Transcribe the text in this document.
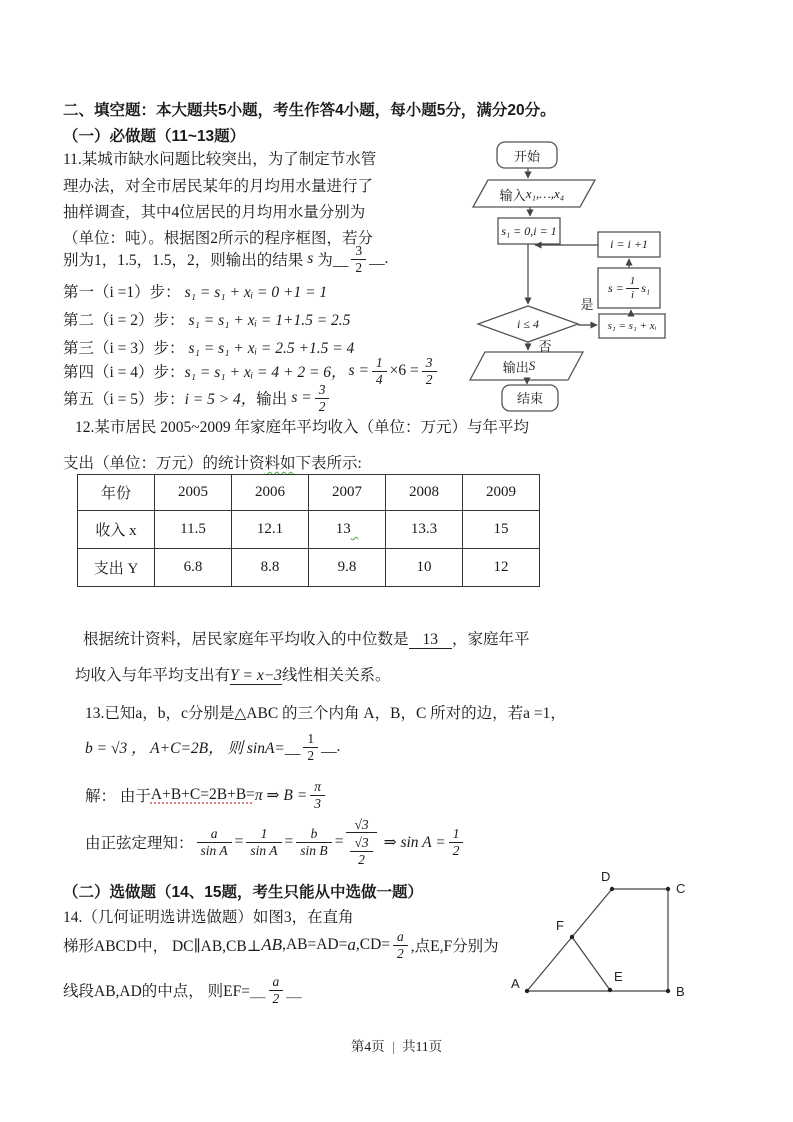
二、填空题：本大题共5小题，考生作答4小题，每小题5分，满分20分。
（一）必做题（11~13题）
11.某城市缺水问题比较突出，为了制定节水管
理办法，对全市居民某年的月均用水量进行了
抽样调查，其中4位居民的月均用水量分别为
（单位：吨）。根据图2所示的程序框图，若分
别为1，1.5，1.5，2，则输出的结果 s 为__ $\frac{3}{2}$ __.
第一（i =1）步： s₁ = s₁ + xᵢ = 0 +1 = 1
第二（i = 2）步： s₁ = s₁ + xᵢ = 1+1.5 = 2.5
第三（i = 3）步： s₁ = s₁ + xᵢ = 2.5 +1.5 = 4
第四（i = 4）步： s₁ = s₁ + xᵢ = 4 + 2 = 6， $s = \frac{1}{4} \times 6 = \frac{3}{2}$
第五（i = 5）步： i = 5 > 4， 输出 $s = \frac{3}{2}$
开始
输入 x₁,…,x₄
s₁ = 0,i = 1
i = i +1
$s = \frac{1}{i} s_1$
i ≤ 4
是
否
s₁ = s₁ + xᵢ
输出 S
结束
12.某市居民 2005~2009 年家庭年平均收入（单位：万元）与年平均
支出（单位：万元）的统计资料如下表所示:
年份	2005	2006	2007	2008	2009
收入 x	11.5	12.1	13	13.3	15
支出 Y	6.8	8.8	9.8	10	12
根据统计资料，居民家庭年平均收入的中位数是 13 ，家庭年平
均收入与年平均支出有Y = x−3线性相关关系。
13.已知a，b，c分别是△ABC 的三个内角 A，B，C 所对的边，若a =1，
b = √3 ， A+C=2B， 则 sinA=__ $\frac{1}{2}$ __.
解： 由于 A+B+C=2B+B= π ⇒ $B = \frac{\pi}{3}$
由正弦定理知： $\frac{a}{\text{sin A}} = \frac{1}{\text{sin A}} = \frac{b}{\text{sin B}} = \frac{√3}{\frac{√3}{2}}$ ⇒ $\sin A = \frac{1}{2}$
（二）选做题（14、15题，考生只能从中选做一题）
14.（几何证明选讲选做题）如图3，在直角
梯形ABCD中， DC∥AB,CB⊥ AB ,AB=AD= a $,CD= \frac{a}{2}$ ,点E,F分别为
线段AB,AD的中点， 则EF=＿ $\frac{a}{2}$ ＿	A
B
C
D
E
F
第4页 | 共11页
